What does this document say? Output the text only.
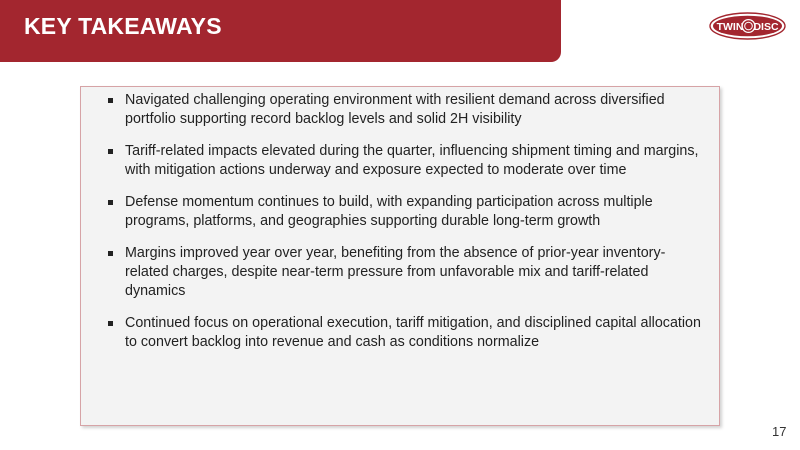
KEY TAKEAWAYS	TWIN DISC
Navigated challenging operating environment with resilient demand across diversified portfolio supporting record backlog levels and solid 2H visibility
Tariff-related impacts elevated during the quarter, influencing shipment timing and margins, with mitigation actions underway and exposure expected to moderate over time
Defense momentum continues to build, with expanding participation across multiple programs, platforms, and geographies supporting durable long-term growth
Margins improved year over year, benefiting from the absence of prior-year inventory-related charges, despite near-term pressure from unfavorable mix and tariff-related dynamics
Continued focus on operational execution, tariff mitigation, and disciplined capital allocation to convert backlog into revenue and cash as conditions normalize
17
